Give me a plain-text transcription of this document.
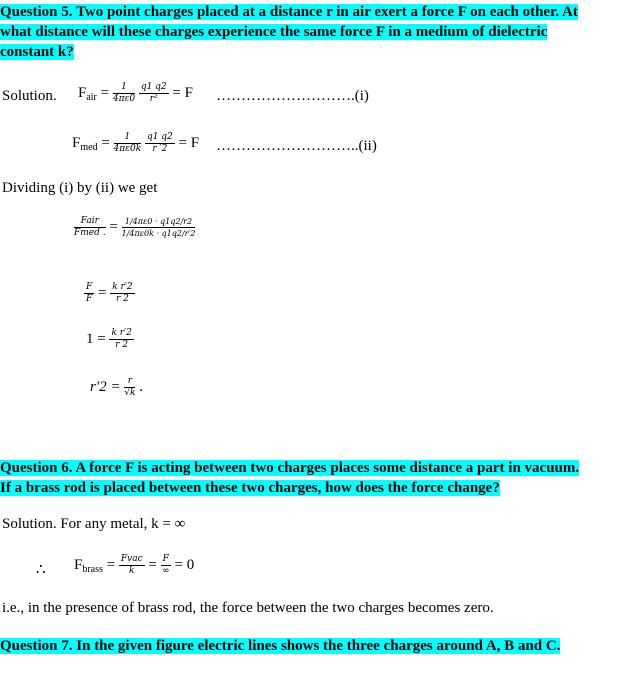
Question 5. Two point charges placed at a distance r in air exert a force F on each other. At
what distance will these charges experience the same force F in a medium of dielectric
constant k?
Solution. $F_{air} = \frac{1}{4\pi\varepsilon 0}$
$\frac{q1 q2}{\text{r²}} = F$ ……………………….(i)
$F_{med} = \frac{1}{4\pi\varepsilon 0k}$
$\frac{q1 q2}{r '2} = F$ ………………………..(ii)
Dividing (i) by (ii) we get
$\frac{\text{Fair}}{\text{Fmed .}} = \frac{1/4\pi\varepsilon 0 \cdot q1q2/r2}{1/4\pi\varepsilon 0k \cdot q1q2/r'2}$
$\frac{F}{F} = \frac{\text{k r′2}}{r 2}$
$1 = \frac{\text{k r′2}}{r 2}$
$r'2 = \frac{r}{√k}$ .
Question 6. A force F is acting between two charges places some distance a part in vacuum.
If a brass rod is placed between these two charges, how does the force change?
Solution. For any metal, k = ∞
∴ $F_{brass} = \frac{\text{Fvac}}{k} = \frac{F}{\infty} = 0$
i.e., in the presence of brass rod, the force between the two charges becomes zero.
Question 7. In the given figure electric lines shows the three charges around A, B and C.
